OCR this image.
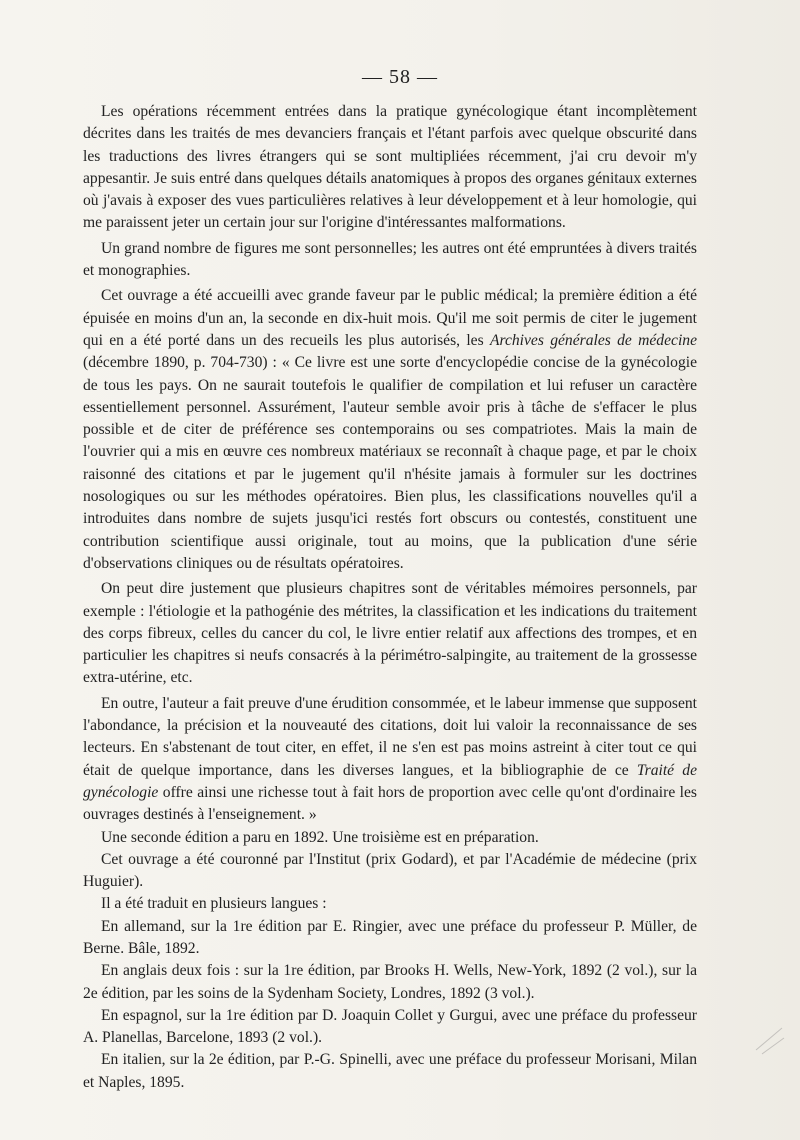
— 58 —

Les opérations récemment entrées dans la pratique gynécologique étant incomplètement décrites dans les traités de mes devanciers français et l'étant parfois avec quelque obscurité dans les traductions des livres étrangers qui se sont multipliées récemment, j'ai cru devoir m'y appesantir. Je suis entré dans quelques détails anatomiques à propos des organes génitaux externes où j'avais à exposer des vues particulières relatives à leur développement et à leur homologie, qui me paraissent jeter un certain jour sur l'origine d'intéressantes malformations.

Un grand nombre de figures me sont personnelles; les autres ont été empruntées à divers traités et monographies.

Cet ouvrage a été accueilli avec grande faveur par le public médical; la première édition a été épuisée en moins d'un an, la seconde en dix-huit mois. Qu'il me soit permis de citer le jugement qui en a été porté dans un des recueils les plus autorisés, les Archives générales de médecine (décembre 1890, p. 704-730) : « Ce livre est une sorte d'encyclopédie concise de la gynécologie de tous les pays. On ne saurait toutefois le qualifier de compilation et lui refuser un caractère essentiellement personnel. Assurément, l'auteur semble avoir pris à tâche de s'effacer le plus possible et de citer de préférence ses contemporains ou ses compatriotes. Mais la main de l'ouvrier qui a mis en œuvre ces nombreux matériaux se reconnaît à chaque page, et par le choix raisonné des citations et par le jugement qu'il n'hésite jamais à formuler sur les doctrines nosologiques ou sur les méthodes opératoires. Bien plus, les classifications nouvelles qu'il a introduites dans nombre de sujets jusqu'ici restés fort obscurs ou contestés, constituent une contribution scientifique aussi originale, tout au moins, que la publication d'une série d'observations cliniques ou de résultats opératoires.

On peut dire justement que plusieurs chapitres sont de véritables mémoires personnels, par exemple : l'étiologie et la pathogénie des métrites, la classification et les indications du traitement des corps fibreux, celles du cancer du col, le livre entier relatif aux affections des trompes, et en particulier les chapitres si neufs consacrés à la périmétro-salpingite, au traitement de la grossesse extra-utérine, etc.

En outre, l'auteur a fait preuve d'une érudition consommée, et le labeur immense que supposent l'abondance, la précision et la nouveauté des citations, doit lui valoir la reconnaissance de ses lecteurs. En s'abstenant de tout citer, en effet, il ne s'en est pas moins astreint à citer tout ce qui était de quelque importance, dans les diverses langues, et la bibliographie de ce Traité de gynécologie offre ainsi une richesse tout à fait hors de proportion avec celle qu'ont d'ordinaire les ouvrages destinés à l'enseignement. »

Une seconde édition a paru en 1892. Une troisième est en préparation.

Cet ouvrage a été couronné par l'Institut (prix Godard), et par l'Académie de médecine (prix Huguier).

Il a été traduit en plusieurs langues :

En allemand, sur la 1re édition par E. Ringier, avec une préface du professeur P. Müller, de Berne. Bâle, 1892.

En anglais deux fois : sur la 1re édition, par Brooks H. Wells, New-York, 1892 (2 vol.), sur la 2e édition, par les soins de la Sydenham Society, Londres, 1892 (3 vol.).

En espagnol, sur la 1re édition par D. Joaquin Collet y Gurgui, avec une préface du professeur A. Planellas, Barcelone, 1893 (2 vol.).

En italien, sur la 2e édition, par P.-G. Spinelli, avec une préface du professeur Morisani, Milan et Naples, 1895.
